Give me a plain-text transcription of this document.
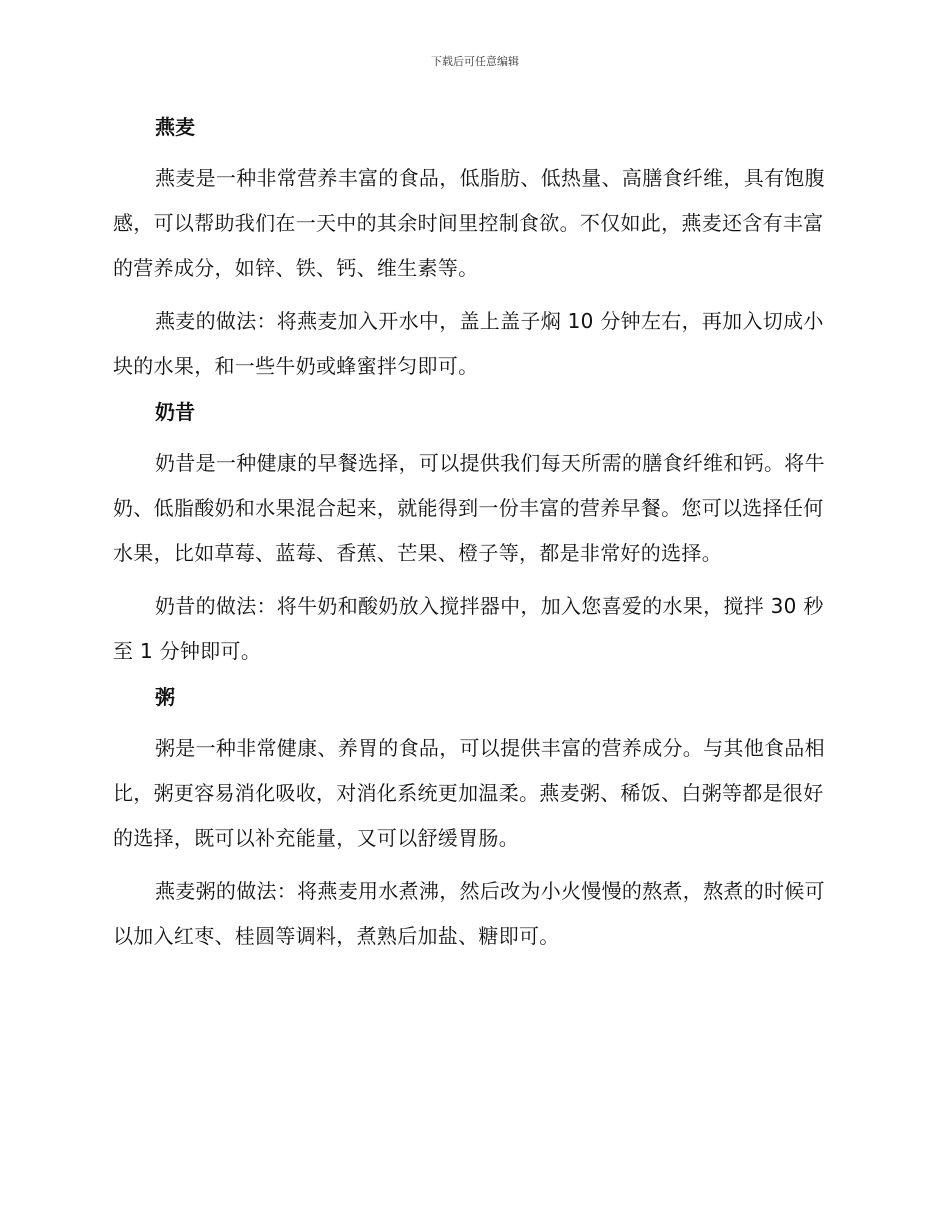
下载后可任意编辑
燕麦

燕麦是一种非常营养丰富的食品，低脂肪、低热量、高膳食纤维，具有饱腹感，可以帮助我们在一天中的其余时间里控制食欲。不仅如此，燕麦还含有丰富的营养成分，如锌、铁、钙、维生素等。

燕麦的做法：将燕麦加入开水中，盖上盖子焖 10 分钟左右，再加入切成小块的水果，和一些牛奶或蜂蜜拌匀即可。

奶昔

奶昔是一种健康的早餐选择，可以提供我们每天所需的膳食纤维和钙。将牛奶、低脂酸奶和水果混合起来，就能得到一份丰富的营养早餐。您可以选择任何水果，比如草莓、蓝莓、香蕉、芒果、橙子等，都是非常好的选择。

奶昔的做法：将牛奶和酸奶放入搅拌器中，加入您喜爱的水果，搅拌 30 秒至 1 分钟即可。

粥

粥是一种非常健康、养胃的食品，可以提供丰富的营养成分。与其他食品相比，粥更容易消化吸收，对消化系统更加温柔。燕麦粥、稀饭、白粥等都是很好的选择，既可以补充能量，又可以舒缓胃肠。

燕麦粥的做法：将燕麦用水煮沸，然后改为小火慢慢的熬煮，熬煮的时候可以加入红枣、桂圆等调料，煮熟后加盐、糖即可。
